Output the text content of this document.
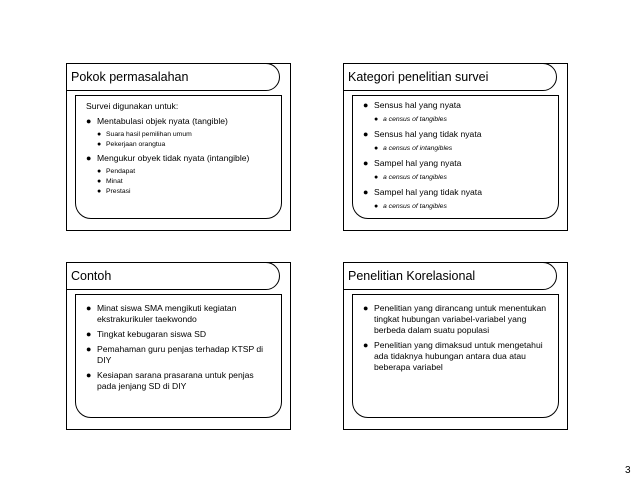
Pokok permasalahan
Survei digunakan untuk:
● Mentabulasi objek nyata (tangible)
● Suara hasil pemilihan umum
● Pekerjaan orangtua
● Mengukur obyek tidak nyata (intangible)
● Pendapat
● Minat
● Prestasi
Kategori penelitian survei
● Sensus hal yang nyata
● a census of tangibles
● Sensus hal yang tidak nyata
● a census of intangibles
● Sampel hal yang nyata
● a census of tangibles
● Sampel hal yang tidak nyata
● a census of tangibles
Contoh
● Minat siswa SMA mengikuti kegiatan ekstrakurikuler taekwondo
● Tingkat kebugaran siswa SD
● Pemahaman guru penjas terhadap KTSP di DIY
● Kesiapan sarana prasarana untuk penjas pada jenjang SD di DIY
Penelitian Korelasional
● Penelitian yang dirancang untuk menentukan tingkat hubungan variabel-variabel yang berbeda dalam suatu populasi
● Penelitian yang dimaksud untuk mengetahui ada tidaknya hubungan antara dua atau beberapa variabel
3
